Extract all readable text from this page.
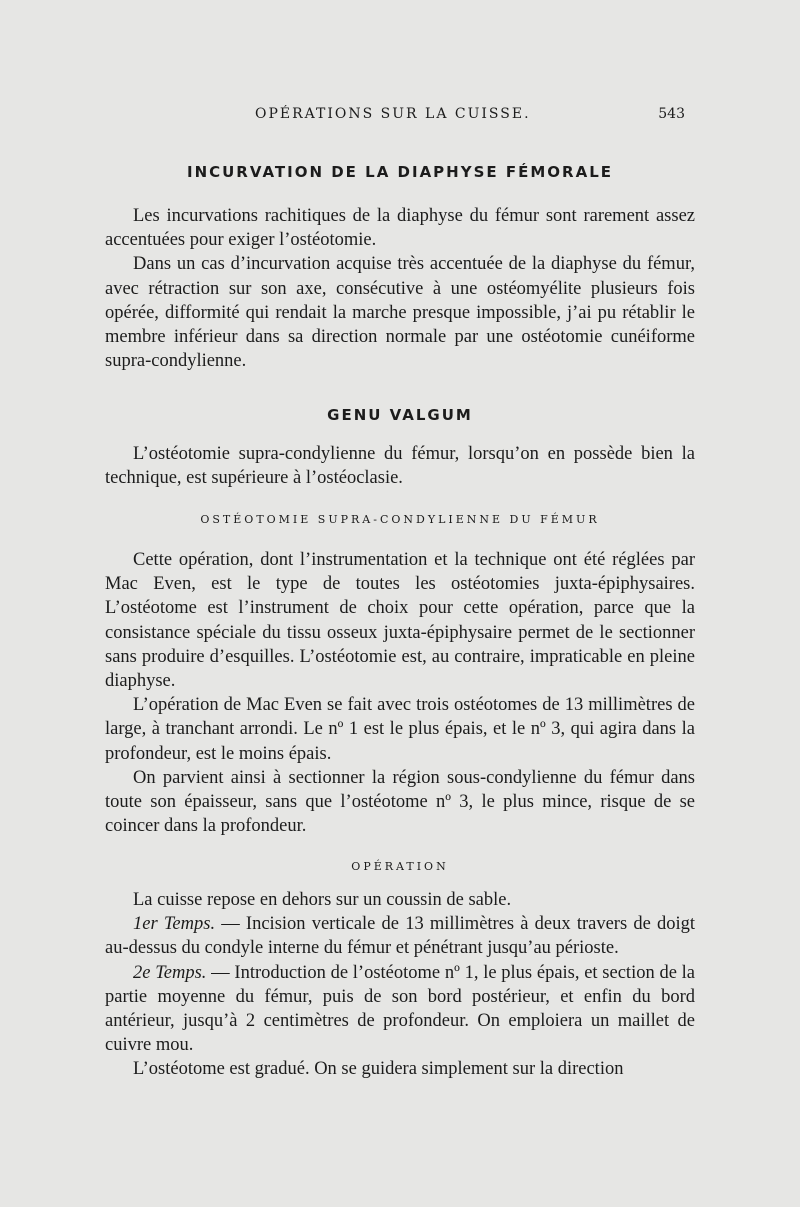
OPÉRATIONS SUR LA CUISSE.	543
INCURVATION DE LA DIAPHYSE FÉMORALE

Les incurvations rachitiques de la diaphyse du fémur sont rarement assez accentuées pour exiger l’ostéotomie.

Dans un cas d’incurvation acquise très accentuée de la diaphyse du fémur, avec rétraction sur son axe, consécutive à une ostéomyélite plusieurs fois opérée, difformité qui rendait la marche presque impossible, j’ai pu rétablir le membre inférieur dans sa direction normale par une ostéotomie cunéiforme supra-condylienne.

GENU VALGUM

L’ostéotomie supra-condylienne du fémur, lorsqu’on en possède bien la technique, est supérieure à l’ostéoclasie.

OSTÉOTOMIE SUPRA-CONDYLIENNE DU FÉMUR

Cette opération, dont l’instrumentation et la technique ont été réglées par Mac Even, est le type de toutes les ostéotomies juxta-épiphysaires. L’ostéotome est l’instrument de choix pour cette opération, parce que la consistance spéciale du tissu osseux juxta-épiphysaire permet de le sectionner sans produire d’esquilles. L’ostéotomie est, au contraire, impraticable en pleine diaphyse.

L’opération de Mac Even se fait avec trois ostéotomes de 13 millimètres de large, à tranchant arrondi. Le nº 1 est le plus épais, et le nº 3, qui agira dans la profondeur, est le moins épais.

On parvient ainsi à sectionner la région sous-condylienne du fémur dans toute son épaisseur, sans que l’ostéotome nº 3, le plus mince, risque de se coincer dans la profondeur.

OPÉRATION

La cuisse repose en dehors sur un coussin de sable.

1er Temps. — Incision verticale de 13 millimètres à deux travers de doigt au-dessus du condyle interne du fémur et pénétrant jusqu’au périoste.

2e Temps. — Introduction de l’ostéotome nº 1, le plus épais, et section de la partie moyenne du fémur, puis de son bord postérieur, et enfin du bord antérieur, jusqu’à 2 centimètres de profondeur. On emploiera un maillet de cuivre mou.

L’ostéotome est gradué. On se guidera simplement sur la direction
